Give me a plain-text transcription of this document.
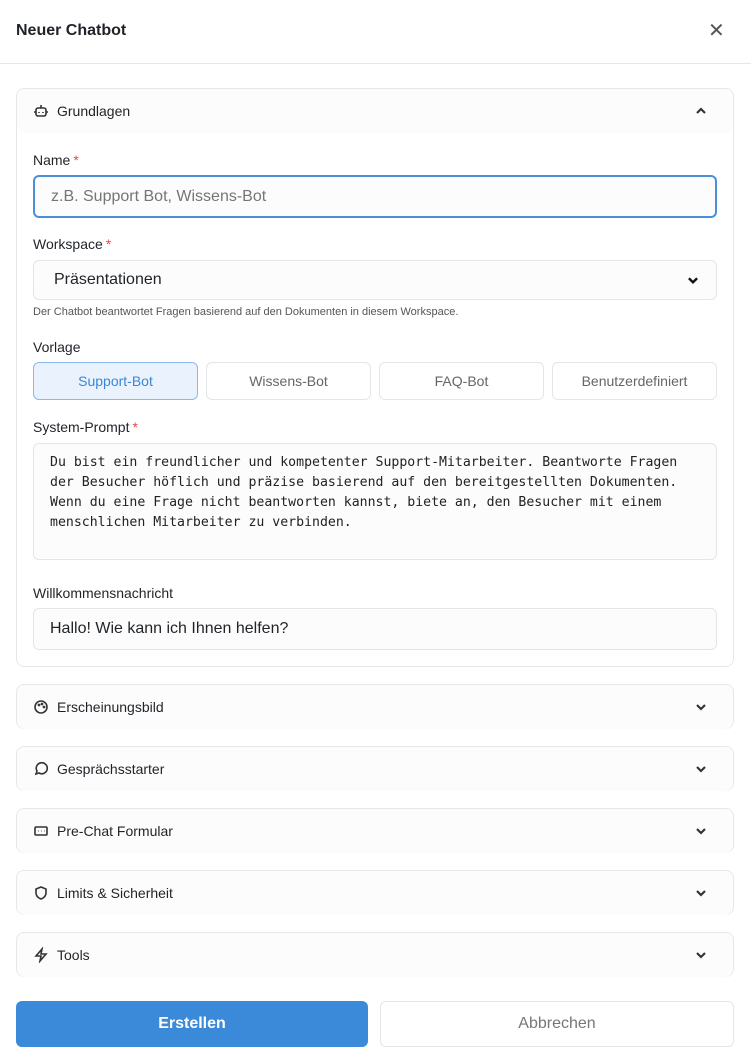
Neuer Chatbot	✕
Grundlagen
Name *
z.B. Support Bot, Wissens-Bot
Workspace *
Präsentationen
Der Chatbot beantwortet Fragen basierend auf den Dokumenten in diesem Workspace.
Vorlage
Support-Bot	Wissens-Bot	FAQ-Bot	Benutzerdefiniert
System-Prompt *
Du bist ein freundlicher und kompetenter Support-Mitarbeiter. Beantworte Fragen der Besucher höflich und präzise basierend auf den bereitgestellten Dokumenten. Wenn du eine Frage nicht beantworten kannst, biete an, den Besucher mit einem menschlichen Mitarbeiter zu verbinden.
Willkommensnachricht
Hallo! Wie kann ich Ihnen helfen?
Erscheinungsbild
Gesprächsstarter
Pre-Chat Formular
Limits & Sicherheit
Tools
Erstellen	Abbrechen
